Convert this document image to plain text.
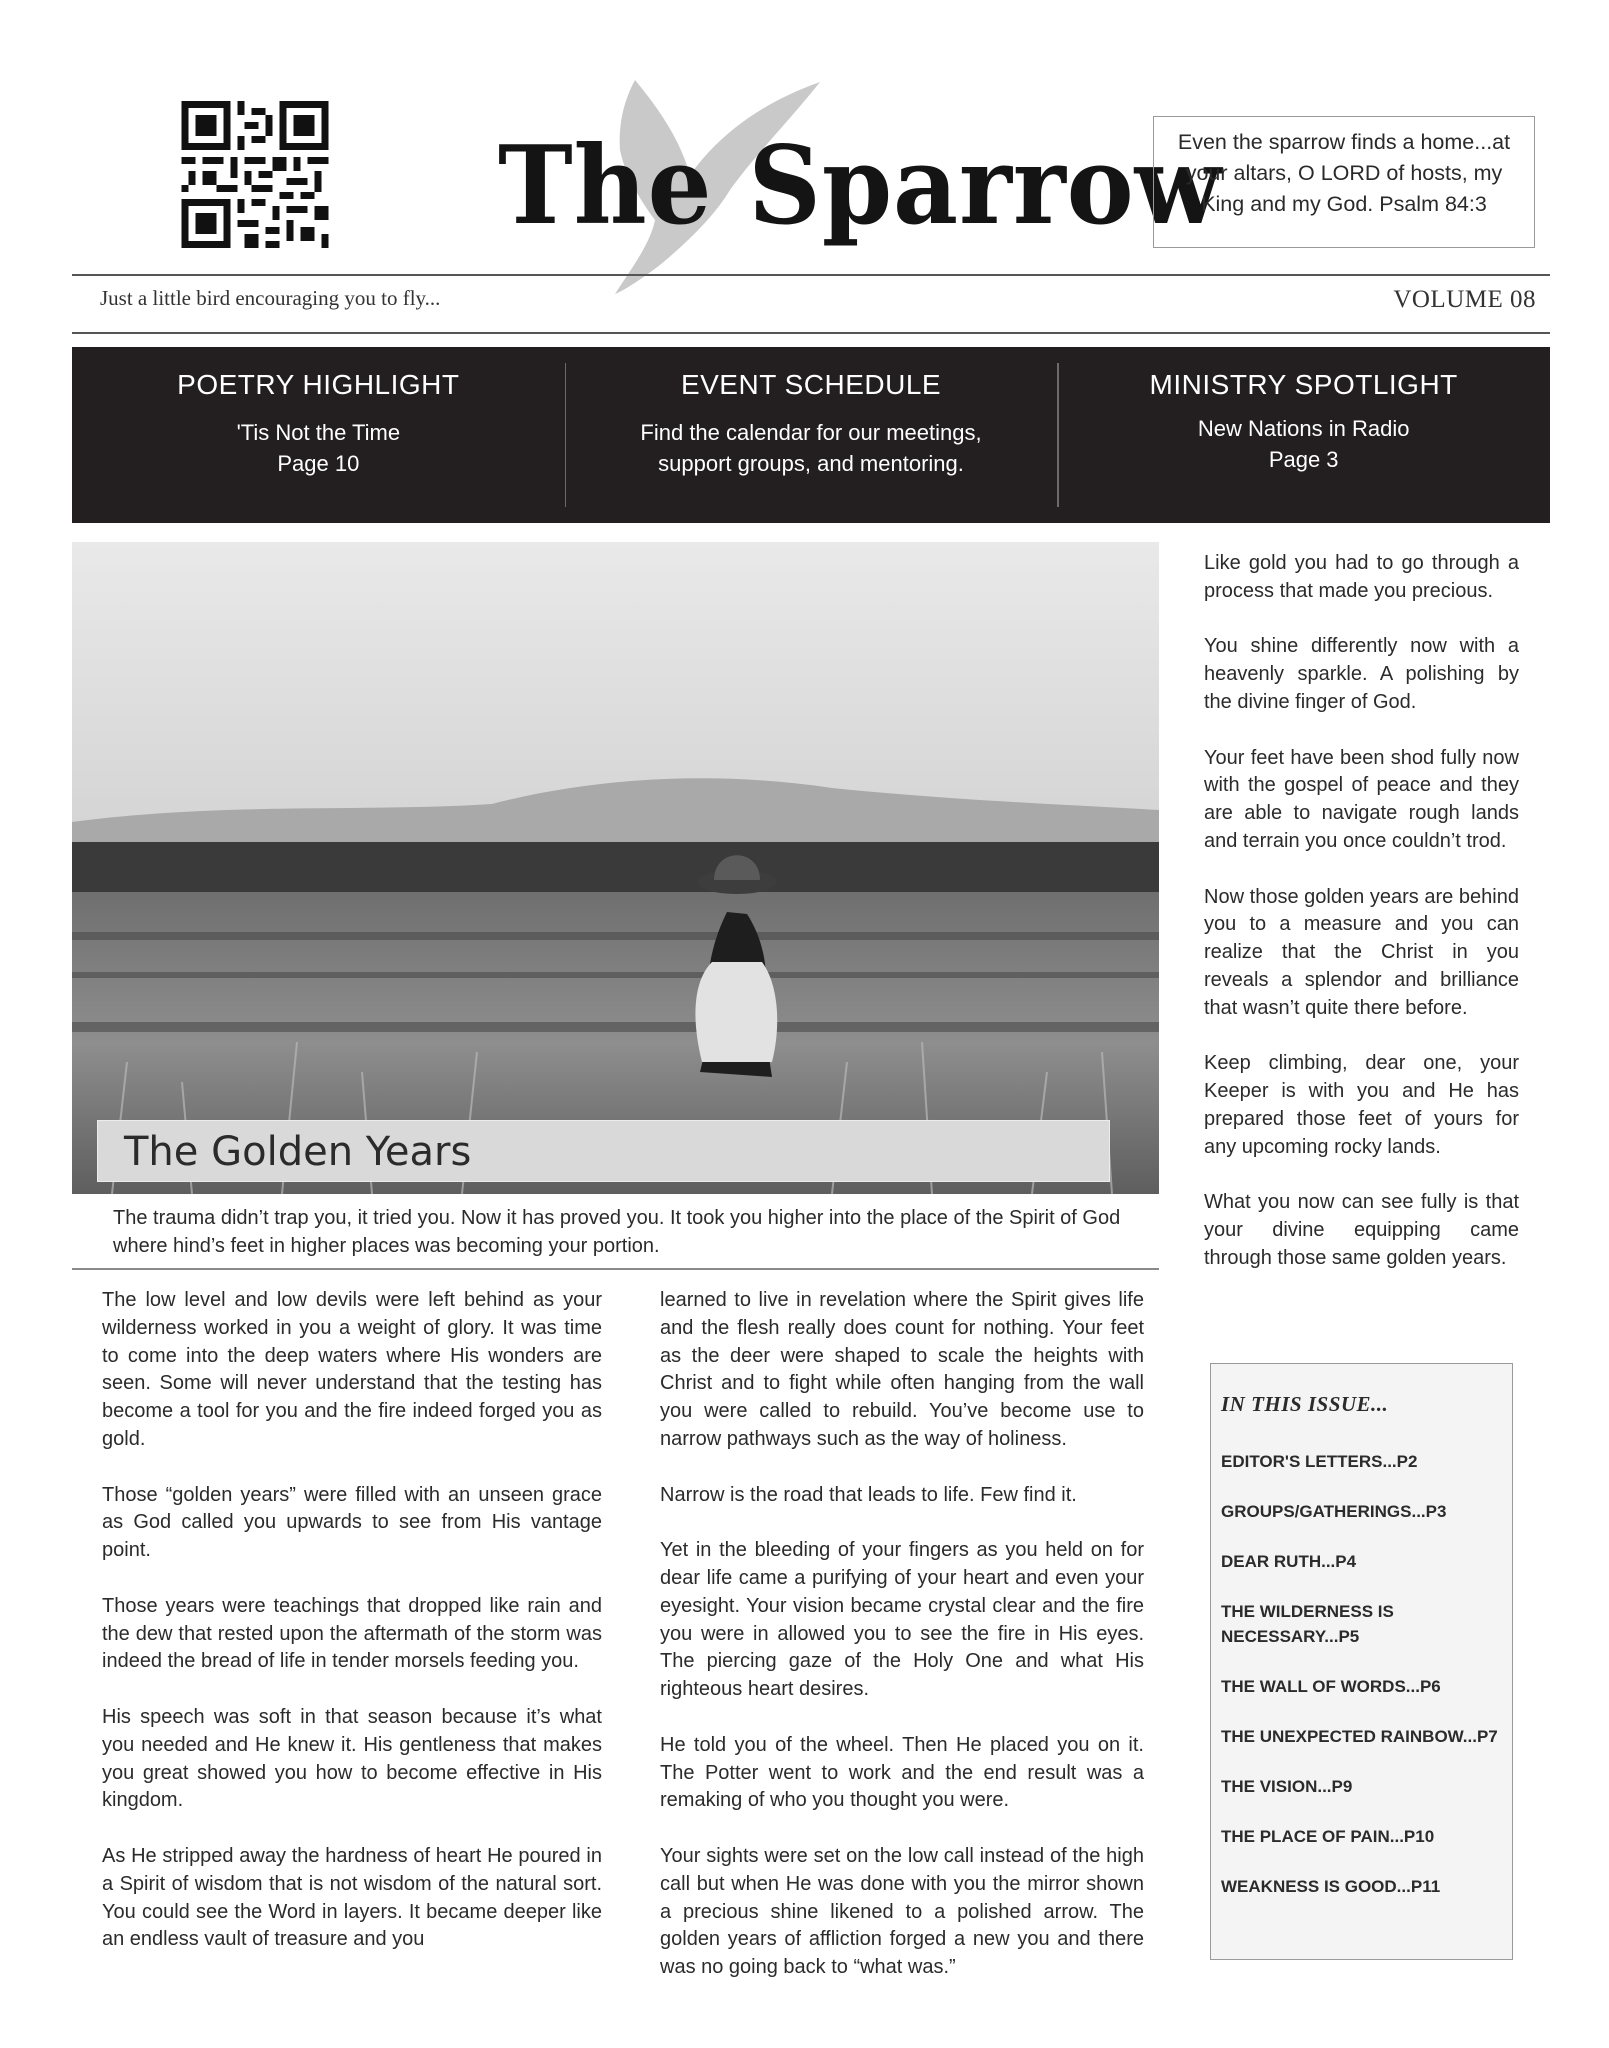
The Sparrow
Even the sparrow finds a home...at your altars, O LORD of hosts, my King and my God. Psalm 84:3
Just a little bird encouraging you to fly...	VOLUME 08
POETRY HIGHLIGHT
'Tis Not the Time
Page 10
EVENT SCHEDULE
Find the calendar for our meetings,
support groups, and mentoring.
MINISTRY SPOTLIGHT
New Nations in Radio
Page 3
The Golden Years
The trauma didn’t trap you, it tried you. Now it has proved you. It took you higher into the place of the Spirit of God where hind’s feet in higher places was becoming your portion.

The low level and low devils were left behind as your wilderness worked in you a weight of glory. It was time to come into the deep waters where His wonders are seen. Some will never understand that the testing has become a tool for you and the fire indeed forged you as gold.

Those “golden years” were filled with an unseen grace as God called you upwards to see from His vantage point.

Those years were teachings that dropped like rain and the dew that rested upon the aftermath of the storm was indeed the bread of life in tender morsels feeding you.

His speech was soft in that season because it’s what you needed and He knew it. His gentleness that makes you great showed you how to become effective in His kingdom.

As He stripped away the hardness of heart He poured in a Spirit of wisdom that is not wisdom of the natural sort. You could see the Word in layers. It became deeper like an endless vault of treasure and you

learned to live in revelation where the Spirit gives life and the flesh really does count for nothing. Your feet as the deer were shaped to scale the heights with Christ and to fight while often hanging from the wall you were called to rebuild. You’ve become use to narrow pathways such as the way of holiness.

Narrow is the road that leads to life. Few find it.

Yet in the bleeding of your fingers as you held on for dear life came a purifying of your heart and even your eyesight. Your vision became crystal clear and the fire you were in allowed you to see the fire in His eyes. The piercing gaze of the Holy One and what His righteous heart desires.

He told you of the wheel. Then He placed you on it. The Potter went to work and the end result was a remaking of who you thought you were.

Your sights were set on the low call instead of the high call but when He was done with you the mirror shown a precious shine likened to a polished arrow. The golden years of affliction forged a new you and there was no going back to “what was.”

Like gold you had to go through a process that made you precious.

You shine differently now with a heavenly sparkle. A polishing by the divine finger of God.

Your feet have been shod fully now with the gospel of peace and they are able to navigate rough lands and terrain you once couldn’t trod.

Now those golden years are behind you to a measure and you can realize that the Christ in you reveals a splendor and brilliance that wasn’t quite there before.

Keep climbing, dear one, your Keeper is with you and He has prepared those feet of yours for any upcoming rocky lands.

What you now can see fully is that your divine equipping came through those same golden years.

IN THIS ISSUE...
EDITOR'S LETTERS...P2
GROUPS/GATHERINGS...P3
DEAR RUTH...P4
THE WILDERNESS IS NECESSARY...P5
THE WALL OF WORDS...P6
THE UNEXPECTED RAINBOW...P7
THE VISION...P9
THE PLACE OF PAIN...P10
WEAKNESS IS GOOD...P11
